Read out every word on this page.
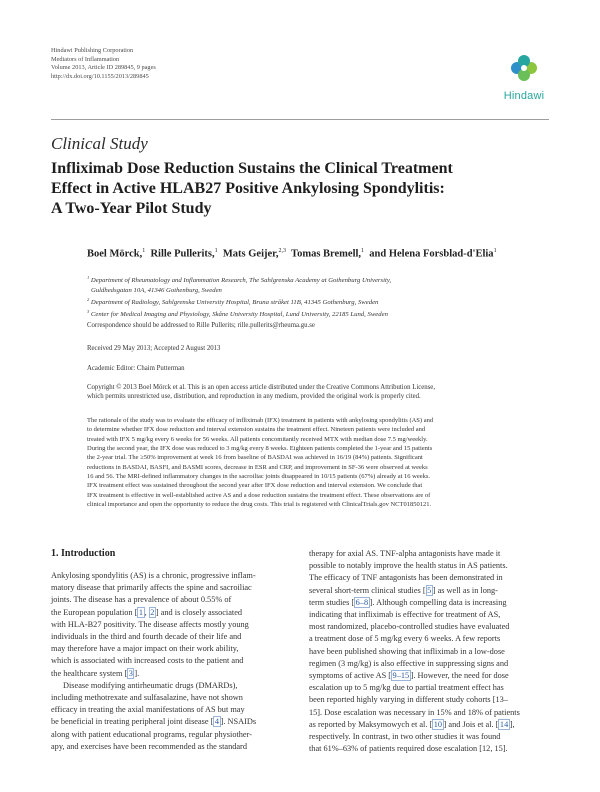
Hindawi Publishing Corporation
Mediators of Inflammation
Volume 2013, Article ID 289845, 9 pages
http://dx.doi.org/10.1155/2013/289845
Hindawi
Clinical Study
Infliximab Dose Reduction Sustains the Clinical Treatment
Effect in Active HLAB27 Positive Ankylosing Spondylitis:
A Two-Year Pilot Study
Boel Mörck,$^1$ Rille Pullerits,$^1$ Mats Geijer,$^{2,3}$ Tomas Bremell,$^1$ and Helena Forsblad-d'Elia$^1$
$^1$ Department of Rheumatology and Inflammation Research, The Sahlgrenska Academy at Gothenburg University,
Guldhedsgatan 10A, 41346 Gothenburg, Sweden
$^2$ Department of Radiology, Sahlgrenska University Hospital, Bruna stråket 11B, 41345 Gothenburg, Sweden
$^3$ Center for Medical Imaging and Physiology, Skåne University Hospital, Lund University, 22185 Lund, Sweden
Correspondence should be addressed to Rille Pullerits; rille.pullerits@rheuma.gu.se
Received 29 May 2013; Accepted 2 August 2013
Academic Editor: Chaim Putterman
Copyright © 2013 Boel Mörck et al. This is an open access article distributed under the Creative Commons Attribution License,
which permits unrestricted use, distribution, and reproduction in any medium, provided the original work is properly cited.
The rationale of the study was to evaluate the efficacy of infliximab (IFX) treatment in patients with ankylosing spondylitis (AS) and
to determine whether IFX dose reduction and interval extension sustains the treatment effect. Nineteen patients were included and
treated with IFX 5 mg/kg every 6 weeks for 56 weeks. All patients concomitantly received MTX with median dose 7.5 mg/weekly.
During the second year, the IFX dose was reduced to 3 mg/kg every 8 weeks. Eighteen patients completed the 1-year and 15 patients
the 2-year trial. The ≥50% improvement at week 16 from baseline of BASDAI was achieved in 16/19 (84%) patients. Significant
reductions in BASDAI, BASFI, and BASMI scores, decrease in ESR and CRP, and improvement in SF-36 were observed at weeks
16 and 56. The MRI-defined inflammatory changes in the sacroiliac joints disappeared in 10/15 patients (67%) already at 16 weeks.
IFX treatment effect was sustained throughout the second year after IFX dose reduction and interval extension. We conclude that
IFX treatment is effective in well-established active AS and a dose reduction sustains the treatment effect. These observations are of
clinical importance and open the opportunity to reduce the drug costs. This trial is registered with ClinicalTrials.gov NCT01850121.
1. Introduction
Ankylosing spondylitis (AS) is a chronic, progressive inflam-
matory disease that primarily affects the spine and sacroiliac
joints. The disease has a prevalence of about 0.55% of
the European population [ 1 , 2 ] and is closely associated
with HLA-B27 positivity. The disease affects mostly young
individuals in the third and fourth decade of their life and
may therefore have a major impact on their work ability,
which is associated with increased costs to the patient and
the healthcare system [ 3 ].
Disease modifying antirheumatic drugs (DMARDs),
including methotrexate and sulfasalazine, have not shown
efficacy in treating the axial manifestations of AS but may
be beneficial in treating peripheral joint disease [ 4 ]. NSAIDs
along with patient educational programs, regular physiother-
apy, and exercises have been recommended as the standard
therapy for axial AS. TNF-alpha antagonists have made it
possible to notably improve the health status in AS patients.
The efficacy of TNF antagonists has been demonstrated in
several short-term clinical studies [ 5 ] as well as in long-
term studies [ 6–8 ]. Although compelling data is increasing
indicating that infliximab is effective for treatment of AS,
most randomized, placebo-controlled studies have evaluated
a treatment dose of 5 mg/kg every 6 weeks. A few reports
have been published showing that infliximab in a low-dose
regimen (3 mg/kg) is also effective in suppressing signs and
symptoms of active AS [ 9–15 ]. However, the need for dose
escalation up to 5 mg/kg due to partial treatment effect has
been reported highly varying in different study cohorts [13–
15]. Dose escalation was necessary in 15% and 18% of patients
as reported by Maksymowych et al. [ 10 ] and Jois et al. [ 14 ],
respectively. In contrast, in two other studies it was found
that 61%–63% of patients required dose escalation [12, 15].
